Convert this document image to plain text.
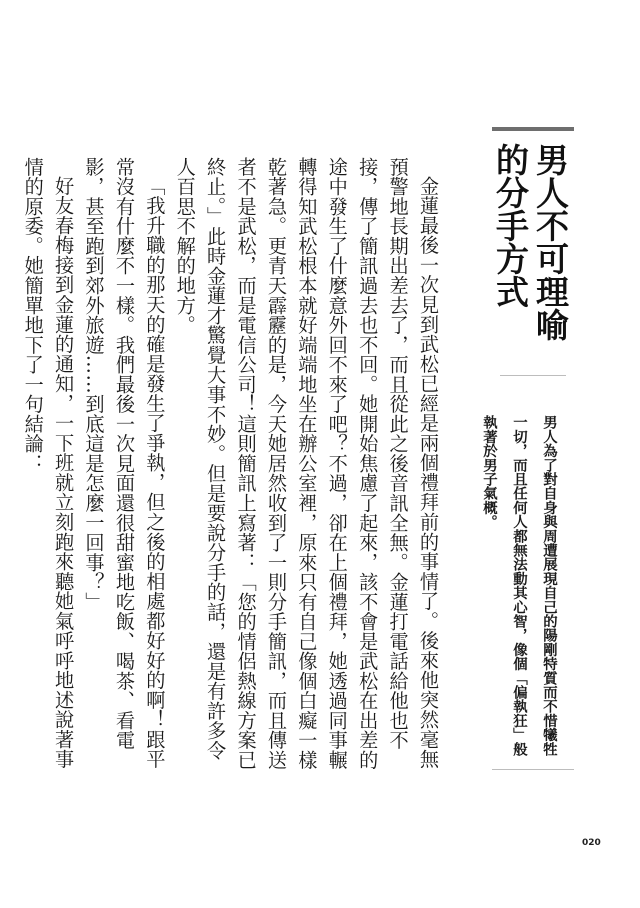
男人不可理喻的分手方式
男人為了對自身與周遭展現自己的陽剛特質而不惜犧牲一切，而且任何人都無法動其心智，像個「偏執狂」般執著於男子氣概。

金蓮最後一次見到武松已經是兩個禮拜前的事情了。後來他突然毫無預警地長期出差去了，而且從此之後音訊全無。金蓮打電話給他也不接，傳了簡訊過去也不回。她開始焦慮了起來，該不會是武松在出差的途中發生了什麼意外回不來了吧？不過，卻在上個禮拜，她透過同事輾轉得知武松根本就好端端地坐在辦公室裡，原來只有自己像個白癡一樣乾著急。更青天霹靂的是，今天她居然收到了一則分手簡訊，而且傳送者不是武松，而是電信公司！這則簡訊上寫著：「您的情侶熱線方案已終止。」此時金蓮才驚覺大事不妙。但是要說分手的話，還是有許多令人百思不解的地方。

「我升職的那天的確是發生了爭執，但之後的相處都好好的啊！跟平常沒有什麼不一樣。我們最後一次見面還很甜蜜地吃飯、喝茶、看電影，甚至跑到郊外旅遊……到底這是怎麼一回事？」

好友春梅接到金蓮的通知，一下班就立刻跑來聽她氣呼呼地述說著事情的原委。她簡單地下了一句結論：

020
